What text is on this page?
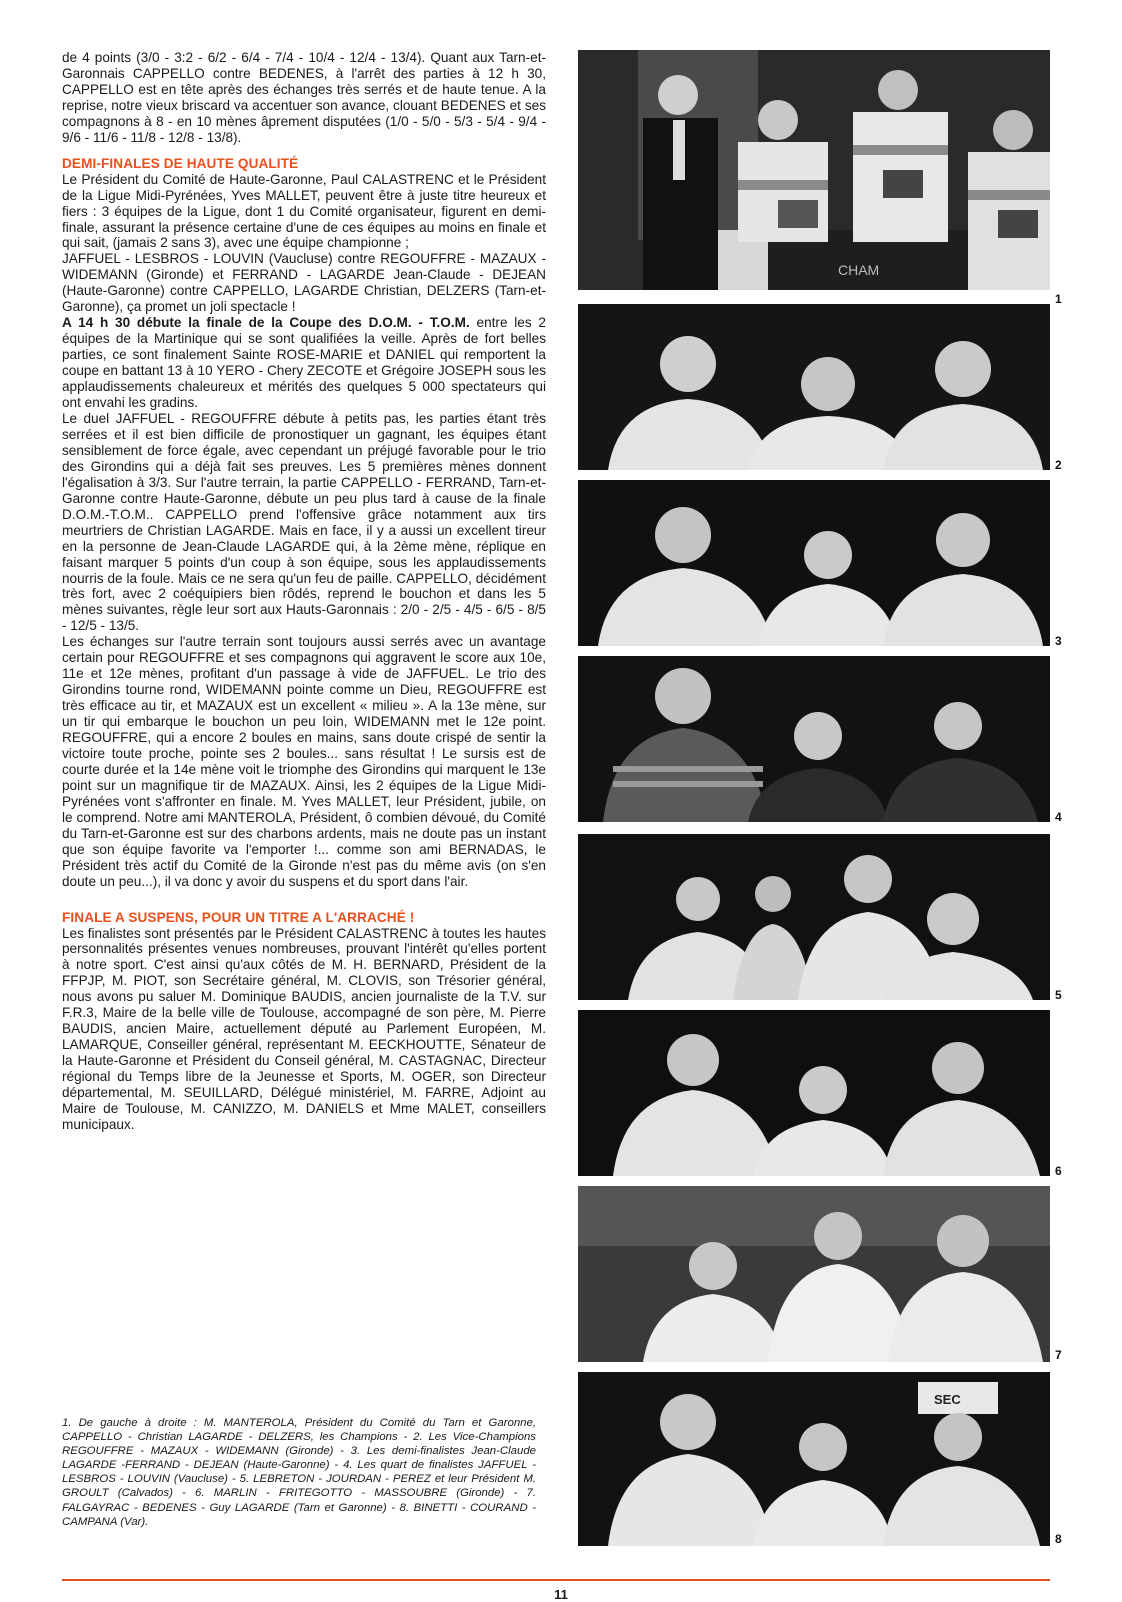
de 4 points (3/0 - 3:2 - 6/2 - 6/4 - 7/4 - 10/4 - 12/4 - 13/4). Quant aux Tarn-et-Garonnais CAPPELLO contre BEDENES, à l'arrêt des parties à 12 h 30, CAPPELLO est en tête après des échanges très serrés et de haute tenue. A la reprise, notre vieux briscard va accentuer son avance, clouant BEDENES et ses compagnons à 8 - en 10 mènes âprement disputées (1/0 - 5/0 - 5/3 - 5/4 - 9/4 - 9/6 - 11/6 - 11/8 - 12/8 - 13/8).

DEMI-FINALES DE HAUTE QUALITÉ

Le Président du Comité de Haute-Garonne, Paul CALASTRENC et le Président de la Ligue Midi-Pyrénées, Yves MALLET, peuvent être à juste titre heureux et fiers : 3 équipes de la Ligue, dont 1 du Comité organisateur, figurent en demi-finale, assurant la présence certaine d'une de ces équipes au moins en finale et qui sait, (jamais 2 sans 3), avec une équipe championne ;

JAFFUEL - LESBROS - LOUVIN (Vaucluse) contre REGOUFFRE - MAZAUX - WIDEMANN (Gironde) et FERRAND - LAGARDE Jean-Claude - DEJEAN (Haute-Garonne) contre CAPPELLO, LAGARDE Christian, DELZERS (Tarn-et-Garonne), ça promet un joli spectacle !

A 14 h 30 débute la finale de la Coupe des D.O.M. - T.O.M. entre les 2 équipes de la Martinique qui se sont qualifiées la veille. Après de fort belles parties, ce sont finalement Sainte ROSE-MARIE et DANIEL qui remportent la coupe en battant 13 à 10 YERO - Chery ZECOTE et Grégoire JOSEPH sous les applaudissements chaleureux et mérités des quelques 5 000 spectateurs qui ont envahi les gradins.

Le duel JAFFUEL - REGOUFFRE débute à petits pas, les parties étant très serrées et il est bien difficile de pronostiquer un gagnant, les équipes étant sensiblement de force égale, avec cependant un préjugé favorable pour le trio des Girondins qui a déjà fait ses preuves. Les 5 premières mènes donnent l'égalisation à 3/3. Sur l'autre terrain, la partie CAPPELLO - FERRAND, Tarn-et-Garonne contre Haute-Garonne, débute un peu plus tard à cause de la finale D.O.M.-T.O.M.. CAPPELLO prend l'offensive grâce notamment aux tirs meurtriers de Christian LAGARDE. Mais en face, il y a aussi un excellent tireur en la personne de Jean-Claude LAGARDE qui, à la 2ème mène, réplique en faisant marquer 5 points d'un coup à son équipe, sous les applaudissements nourris de la foule. Mais ce ne sera qu'un feu de paille. CAPPELLO, décidément très fort, avec 2 coéquipiers bien rôdés, reprend le bouchon et dans les 5 mènes suivantes, règle leur sort aux Hauts-Garonnais : 2/0 - 2/5 - 4/5 - 6/5 - 8/5 - 12/5 - 13/5.

Les échanges sur l'autre terrain sont toujours aussi serrés avec un avantage certain pour REGOUFFRE et ses compagnons qui aggravent le score aux 10e, 11e et 12e mènes, profitant d'un passage à vide de JAFFUEL. Le trio des Girondins tourne rond, WIDEMANN pointe comme un Dieu, REGOUFFRE est très efficace au tir, et MAZAUX est un excellent « milieu ». A la 13e mène, sur un tir qui embarque le bouchon un peu loin, WIDEMANN met le 12e point. REGOUFFRE, qui a encore 2 boules en mains, sans doute crispé de sentir la victoire toute proche, pointe ses 2 boules... sans résultat ! Le sursis est de courte durée et la 14e mène voit le triomphe des Girondins qui marquent le 13e point sur un magnifique tir de MAZAUX. Ainsi, les 2 équipes de la Ligue Midi-Pyrénées vont s'affronter en finale. M. Yves MALLET, leur Président, jubile, on le comprend. Notre ami MANTEROLA, Président, ô combien dévoué, du Comité du Tarn-et-Garonne est sur des charbons ardents, mais ne doute pas un instant que son équipe favorite va l'emporter !... comme son ami BERNADAS, le Président très actif du Comité de la Gironde n'est pas du même avis (on s'en doute un peu...), il va donc y avoir du suspens et du sport dans l'air.

FINALE A SUSPENS, POUR UN TITRE A L'ARRACHÉ !

Les finalistes sont présentés par le Président CALASTRENC à toutes les hautes personnalités présentes venues nombreuses, prouvant l'intérêt qu'elles portent à notre sport. C'est ainsi qu'aux côtés de M. H. BERNARD, Président de la FFPJP, M. PIOT, son Secrétaire général, M. CLOVIS, son Trésorier général, nous avons pu saluer M. Dominique BAUDIS, ancien journaliste de la T.V. sur F.R.3, Maire de la belle ville de Toulouse, accompagné de son père, M. Pierre BAUDIS, ancien Maire, actuellement député au Parlement Européen, M. LAMARQUE, Conseiller général, représentant M. EECKHOUTTE, Sénateur de la Haute-Garonne et Président du Conseil général, M. CASTAGNAC, Directeur régional du Temps libre de la Jeunesse et Sports, M. OGER, son Directeur départemental, M. SEUILLARD, Délégué ministériel, M. FARRE, Adjoint au Maire de Toulouse, M. CANIZZO, M. DANIELS et Mme MALET, conseillers municipaux.

1. De gauche à droite : M. MANTEROLA, Président du Comité du Tarn et Garonne, CAPPELLO - Christian LAGARDE - DELZERS, les Champions - 2. Les Vice-Champions REGOUFFRE - MAZAUX - WIDEMANN (Gironde) - 3. Les demi-finalistes Jean-Claude LAGARDE -FERRAND - DEJEAN (Haute-Garonne) - 4. Les quart de finalistes JAFFUEL - LESBROS - LOUVIN (Vaucluse) - 5. LEBRETON - JOURDAN - PEREZ et leur Président M. GROULT (Calvados) - 6. MARLIN - FRITEGOTTO - MASSOUBRE (Gironde) - 7. FALGAYRAC - BEDENES - Guy LAGARDE (Tarn et Garonne) - 8. BINETTI - COURAND - CAMPANA (Var).

CHAM
1
2
3
4
5
6
7
SEC
8
11
